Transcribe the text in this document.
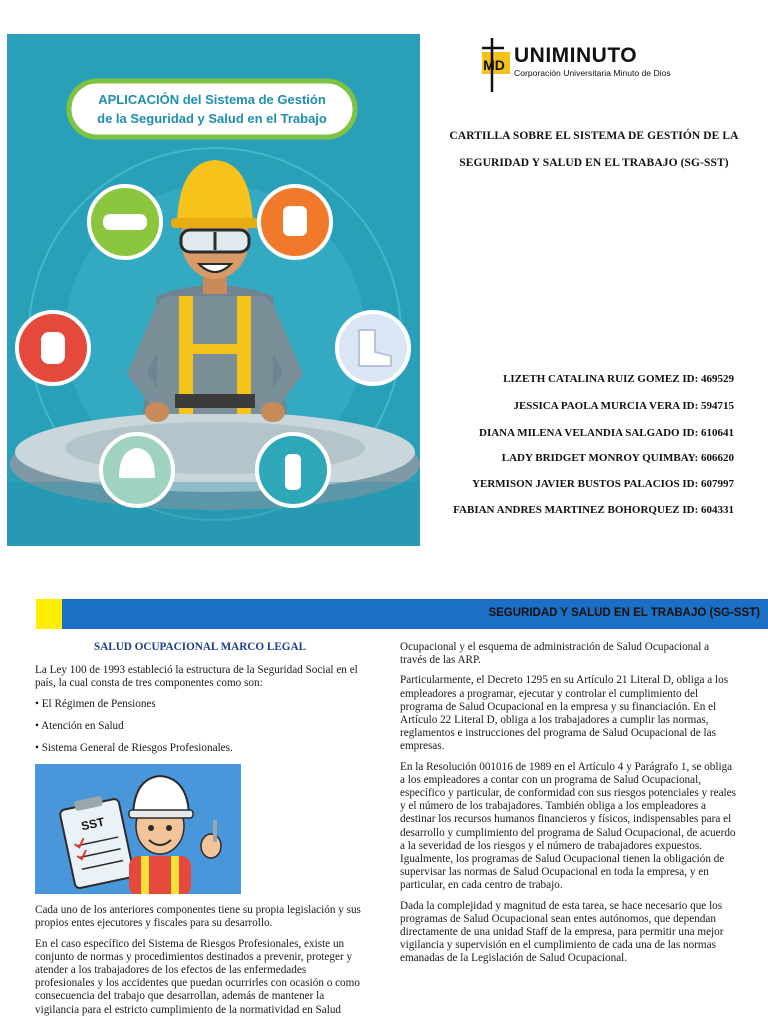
APLICACIÓN del Sistema de Gestión
de la Seguridad y Salud en el Trabajo
MD UNIMINUTO
Corporación Universitaria Minuto de Dios
CARTILLA SOBRE EL SISTEMA DE GESTIÓN DE LA
SEGURIDAD Y SALUD EN EL TRABAJO (SG-SST)
LIZETH CATALINA RUIZ GOMEZ ID: 469529
JESSICA PAOLA MURCIA VERA ID: 594715
DIANA MILENA VELANDIA SALGADO ID: 610641
LADY BRIDGET MONROY QUIMBAY: 606620
YERMISON JAVIER BUSTOS PALACIOS ID: 607997
FABIAN ANDRES MARTINEZ BOHORQUEZ ID: 604331
SEGURIDAD Y SALUD EN EL TRABAJO (SG-SST)
SALUD OCUPACIONAL MARCO LEGAL

La Ley 100 de 1993 estableció la estructura de la Seguridad Social en el país, la cual consta de tres componentes como son:

• El Régimen de Pensiones
• Atención en Salud
• Sistema General de Riesgos Profesionales.
SST

Cada uno de los anteriores componentes tiene su propia legislación y sus propios entes ejecutores y fiscales para su desarrollo.

En el caso específico del Sistema de Riesgos Profesionales, existe un conjunto de normas y procedimientos destinados a prevenir, proteger y atender a los trabajadores de los efectos de las enfermedades profesionales y los accidentes que puedan ocurrirles con ocasión o como consecuencia del trabajo que desarrollan, además de mantener la vigilancia para el estricto cumplimiento de la normatividad en Salud

Ocupacional y el esquema de administración de Salud Ocupacional a través de las ARP.

Particularmente, el Decreto 1295 en su Artículo 21 Literal D, obliga a los empleadores a programar, ejecutar y controlar el cumplimiento del programa de Salud Ocupacional en la empresa y su financiación. En el Artículo 22 Literal D, obliga a los trabajadores a cumplir las normas, reglamentos e instrucciones del programa de Salud Ocupacional de las empresas.

En la Resolución 001016 de 1989 en el Artículo 4 y Parágrafo 1, se obliga a los empleadores a contar con un programa de Salud Ocupacional, específico y particular, de conformidad con sus riesgos potenciales y reales y el número de los trabajadores. También obliga a los empleadores a destinar los recursos humanos financieros y físicos, indispensables para el desarrollo y cumplimiento del programa de Salud Ocupacional, de acuerdo a la severidad de los riesgos y el número de trabajadores expuestos. Igualmente, los programas de Salud Ocupacional tienen la obligación de supervisar las normas de Salud Ocupacional en toda la empresa, y en particular, en cada centro de trabajo.

Dada la complejidad y magnitud de esta tarea, se hace necesario que los programas de Salud Ocupacional sean entes autónomos, que dependan directamente de una unidad Staff de la empresa, para permitir una mejor vigilancia y supervisión en el cumplimiento de cada una de las normas emanadas de la Legislación de Salud Ocupacional.
